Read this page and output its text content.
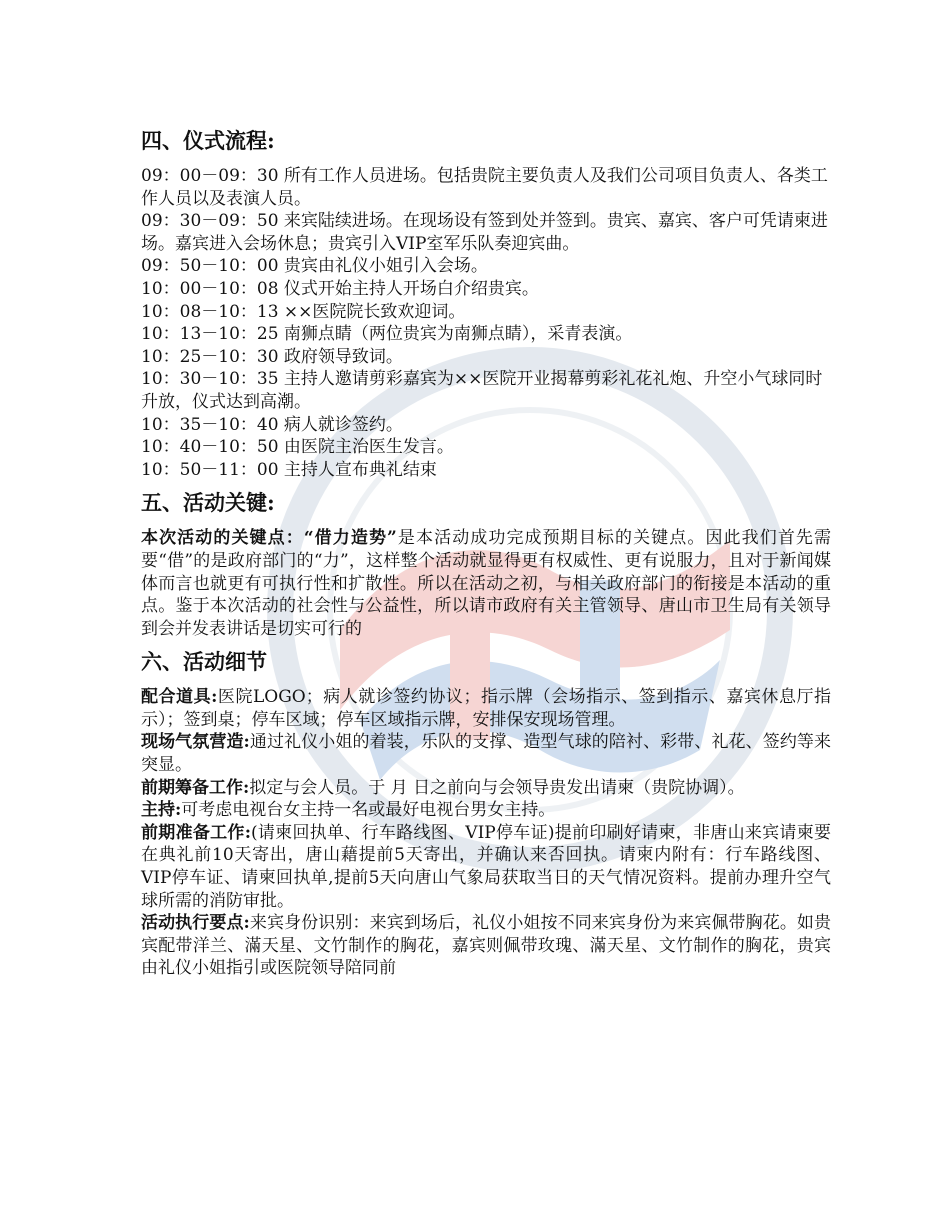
四、仪式流程:

09：00－09：30 所有工作人员进场。包括贵院主要负责人及我们公司项目负责人、各类工作人员以及表演人员。

09：30－09：50 来宾陆续进场。在现场设有签到处并签到。贵宾、嘉宾、客户可凭请柬进场。嘉宾进入会场休息；贵宾引入VIP室军乐队奏迎宾曲。

09：50－10：00 贵宾由礼仪小姐引入会场。

10：00－10：08 仪式开始主持人开场白介绍贵宾。

10：08－10：13 ××医院院长致欢迎词。

10：13－10：25 南狮点睛（两位贵宾为南狮点睛），采青表演。

10：25－10：30 政府领导致词。

10：30－10：35 主持人邀请剪彩嘉宾为××医院开业揭幕剪彩礼花礼炮、升空小气球同时升放，仪式达到高潮。

10：35－10：40 病人就诊签约。

10：40－10：50 由医院主治医生发言。

10：50－11：00 主持人宣布典礼结束

五、活动关键:

本次活动的关键点：“借力造势”是本活动成功完成预期目标的关键点。因此我们首先需要“借”的是政府部门的“力”，这样整个活动就显得更有权威性、更有说服力，且对于新闻媒体而言也就更有可执行性和扩散性。所以在活动之初，与相关政府部门的衔接是本活动的重点。鉴于本次活动的社会性与公益性，所以请市政府有关主管领导、唐山市卫生局有关领导到会并发表讲话是切实可行的

六、活动细节

配合道具:医院LOGO；病人就诊签约协议；指示牌（会场指示、签到指示、嘉宾休息厅指示）；签到桌；停车区域；停车区域指示牌，安排保安现场管理。

现场气氛营造:通过礼仪小姐的着装，乐队的支撑、造型气球的陪衬、彩带、礼花、签约等来突显。

前期筹备工作:拟定与会人员。于 月 日之前向与会领导贵发出请柬（贵院协调）。

主持:可考虑电视台女主持一名或最好电视台男女主持。

前期准备工作:(请柬回执单、行车路线图、VIP停车证)提前印刷好请柬，非唐山来宾请柬要在典礼前10天寄出，唐山藉提前5天寄出，并确认来否回执。请柬内附有：行车路线图、VIP停车证、请柬回执单,提前5天向唐山气象局获取当日的天气情况资料。提前办理升空气球所需的消防审批。

活动执行要点:来宾身份识别：来宾到场后，礼仪小姐按不同来宾身份为来宾佩带胸花。如贵宾配带洋兰、滿天星、文竹制作的胸花，嘉宾则佩带玫瑰、滿天星、文竹制作的胸花，贵宾由礼仪小姐指引或医院领导陪同前
